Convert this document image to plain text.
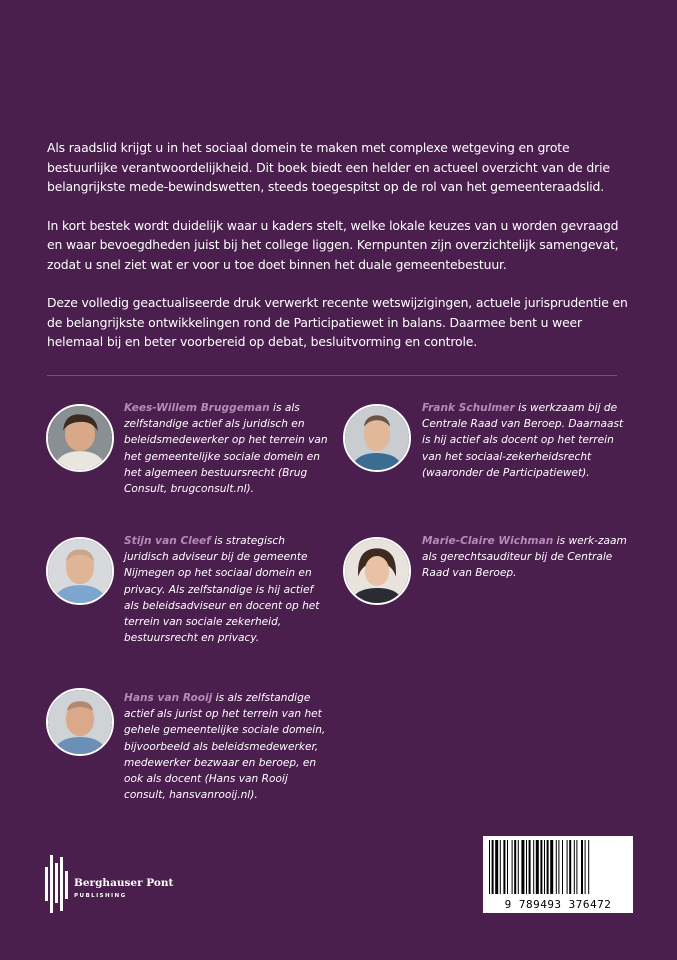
Als raadslid krijgt u in het sociaal domein te maken met complexe wetgeving en grote bestuurlijke verantwoordelijkheid. Dit boek biedt een helder en actueel overzicht van de drie belangrijkste mede-bewindswetten, steeds toegespitst op de rol van het gemeenteraadslid.

In kort bestek wordt duidelijk waar u kaders stelt, welke lokale keuzes van u worden gevraagd en waar bevoegdheden juist bij het college liggen. Kernpunten zijn overzichtelijk samengevat, zodat u snel ziet wat er voor u toe doet binnen het duale gemeentebestuur.

Deze volledig geactualiseerde druk verwerkt recente wetswijzigingen, actuele jurisprudentie en de belangrijkste ontwikkelingen rond de Participatiewet in balans. Daarmee bent u weer helemaal bij en beter voorbereid op debat, besluitvorming en controle.

Kees-Willem Bruggeman is als zelfstandige actief als juridisch en beleidsmedewerker op het terrein van het gemeentelijke sociale domein en het algemeen bestuursrecht (Brug Consult, brugconsult.nl).
Frank Schulmer is werkzaam bij de Centrale Raad van Beroep. Daarnaast is hij actief als docent op het terrein van het sociaal-zekerheidsrecht (waaronder de Participatiewet).
Stijn van Cleef is strategisch juridisch adviseur bij de gemeente Nijmegen op het sociaal domein en privacy. Als zelfstandige is hij actief als beleidsadviseur en docent op het terrein van sociale zekerheid, bestuursrecht en privacy.
Marie-Claire Wichman is werk-zaam als gerechtsauditeur bij de Centrale Raad van Beroep.
Hans van Rooij is als zelfstandige actief als jurist op het terrein van het gehele gemeentelijke sociale domein, bijvoorbeeld als beleidsmedewerker, medewerker bezwaar en beroep, en ook als docent (Hans van Rooij consult, hansvanrooij.nl).
Berghauser Pont
PUBLISHING
9 789493 376472
